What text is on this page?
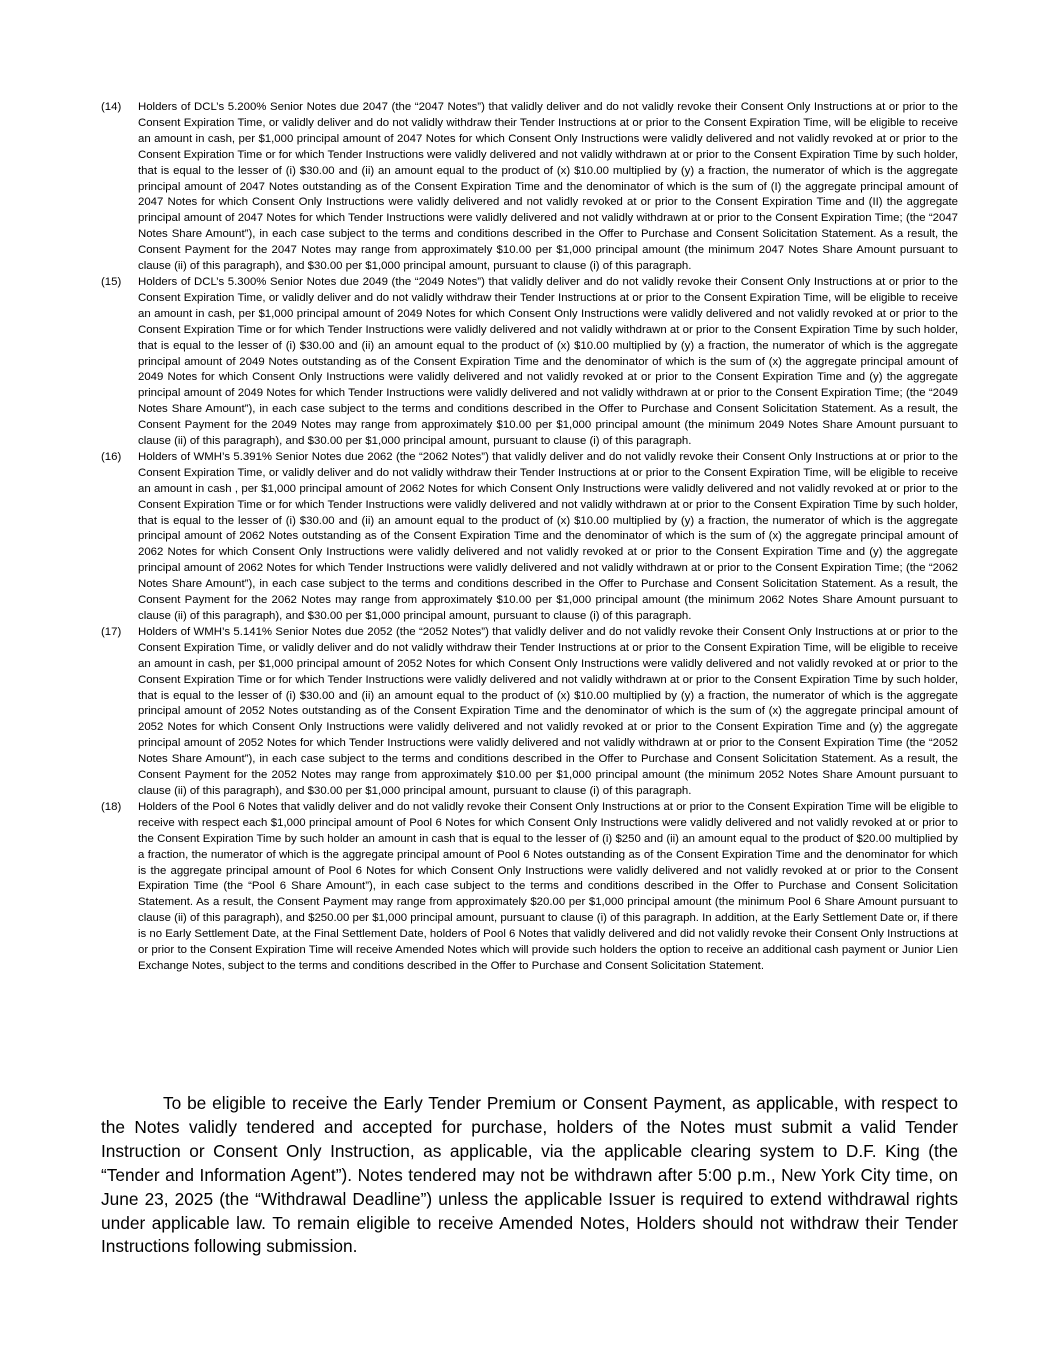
(14)	Holders of DCL’s 5.200% Senior Notes due 2047 (the “2047 Notes”) that validly deliver and do not validly revoke their Consent Only Instructions at or prior to the Consent Expiration Time, or validly deliver and do not validly withdraw their Tender Instructions at or prior to the Consent Expiration Time, will be eligible to receive an amount in cash, per $1,000 principal amount of 2047 Notes for which Consent Only Instructions were validly delivered and not validly revoked at or prior to the Consent Expiration Time or for which Tender Instructions were validly delivered and not validly withdrawn at or prior to the Consent Expiration Time by such holder, that is equal to the lesser of (i) $30.00 and (ii) an amount equal to the product of (x) $10.00 multiplied by (y) a fraction, the numerator of which is the aggregate principal amount of 2047 Notes outstanding as of the Consent Expiration Time and the denominator of which is the sum of (I) the aggregate principal amount of 2047 Notes for which Consent Only Instructions were validly delivered and not validly revoked at or prior to the Consent Expiration Time and (II) the aggregate principal amount of 2047 Notes for which Tender Instructions were validly delivered and not validly withdrawn at or prior to the Consent Expiration Time; (the “2047 Notes Share Amount”), in each case subject to the terms and conditions described in the Offer to Purchase and Consent Solicitation Statement. As a result, the Consent Payment for the 2047 Notes may range from approximately $10.00 per $1,000 principal amount (the minimum 2047 Notes Share Amount pursuant to clause (ii) of this paragraph), and $30.00 per $1,000 principal amount, pursuant to clause (i) of this paragraph.
(15)	Holders of DCL’s 5.300% Senior Notes due 2049 (the “2049 Notes”) that validly deliver and do not validly revoke their Consent Only Instructions at or prior to the Consent Expiration Time, or validly deliver and do not validly withdraw their Tender Instructions at or prior to the Consent Expiration Time, will be eligible to receive an amount in cash, per $1,000 principal amount of 2049 Notes for which Consent Only Instructions were validly delivered and not validly revoked at or prior to the Consent Expiration Time or for which Tender Instructions were validly delivered and not validly withdrawn at or prior to the Consent Expiration Time by such holder, that is equal to the lesser of (i) $30.00 and (ii) an amount equal to the product of (x) $10.00 multiplied by (y) a fraction, the numerator of which is the aggregate principal amount of 2049 Notes outstanding as of the Consent Expiration Time and the denominator of which is the sum of (x) the aggregate principal amount of 2049 Notes for which Consent Only Instructions were validly delivered and not validly revoked at or prior to the Consent Expiration Time and (y) the aggregate principal amount of 2049 Notes for which Tender Instructions were validly delivered and not validly withdrawn at or prior to the Consent Expiration Time; (the “2049 Notes Share Amount”), in each case subject to the terms and conditions described in the Offer to Purchase and Consent Solicitation Statement. As a result, the Consent Payment for the 2049 Notes may range from approximately $10.00 per $1,000 principal amount (the minimum 2049 Notes Share Amount pursuant to clause (ii) of this paragraph), and $30.00 per $1,000 principal amount, pursuant to clause (i) of this paragraph.
(16)	Holders of WMH’s 5.391% Senior Notes due 2062 (the “2062 Notes”) that validly deliver and do not validly revoke their Consent Only Instructions at or prior to the Consent Expiration Time, or validly deliver and do not validly withdraw their Tender Instructions at or prior to the Consent Expiration Time, will be eligible to receive an amount in cash , per $1,000 principal amount of 2062 Notes for which Consent Only Instructions were validly delivered and not validly revoked at or prior to the Consent Expiration Time or for which Tender Instructions were validly delivered and not validly withdrawn at or prior to the Consent Expiration Time by such holder, that is equal to the lesser of (i) $30.00 and (ii) an amount equal to the product of (x) $10.00 multiplied by (y) a fraction, the numerator of which is the aggregate principal amount of 2062 Notes outstanding as of the Consent Expiration Time and the denominator of which is the sum of (x) the aggregate principal amount of 2062 Notes for which Consent Only Instructions were validly delivered and not validly revoked at or prior to the Consent Expiration Time and (y) the aggregate principal amount of 2062 Notes for which Tender Instructions were validly delivered and not validly withdrawn at or prior to the Consent Expiration Time; (the “2062 Notes Share Amount”), in each case subject to the terms and conditions described in the Offer to Purchase and Consent Solicitation Statement. As a result, the Consent Payment for the 2062 Notes may range from approximately $10.00 per $1,000 principal amount (the minimum 2062 Notes Share Amount pursuant to clause (ii) of this paragraph), and $30.00 per $1,000 principal amount, pursuant to clause (i) of this paragraph.
(17)	Holders of WMH’s 5.141% Senior Notes due 2052 (the “2052 Notes”) that validly deliver and do not validly revoke their Consent Only Instructions at or prior to the Consent Expiration Time, or validly deliver and do not validly withdraw their Tender Instructions at or prior to the Consent Expiration Time, will be eligible to receive an amount in cash, per $1,000 principal amount of 2052 Notes for which Consent Only Instructions were validly delivered and not validly revoked at or prior to the Consent Expiration Time or for which Tender Instructions were validly delivered and not validly withdrawn at or prior to the Consent Expiration Time by such holder, that is equal to the lesser of (i) $30.00 and (ii) an amount equal to the product of (x) $10.00 multiplied by (y) a fraction, the numerator of which is the aggregate principal amount of 2052 Notes outstanding as of the Consent Expiration Time and the denominator of which is the sum of (x) the aggregate principal amount of 2052 Notes for which Consent Only Instructions were validly delivered and not validly revoked at or prior to the Consent Expiration Time and (y) the aggregate principal amount of 2052 Notes for which Tender Instructions were validly delivered and not validly withdrawn at or prior to the Consent Expiration Time (the “2052 Notes Share Amount”), in each case subject to the terms and conditions described in the Offer to Purchase and Consent Solicitation Statement. As a result, the Consent Payment for the 2052 Notes may range from approximately $10.00 per $1,000 principal amount (the minimum 2052 Notes Share Amount pursuant to clause (ii) of this paragraph), and $30.00 per $1,000 principal amount, pursuant to clause (i) of this paragraph.
(18)	Holders of the Pool 6 Notes that validly deliver and do not validly revoke their Consent Only Instructions at or prior to the Consent Expiration Time will be eligible to receive with respect each $1,000 principal amount of Pool 6 Notes for which Consent Only Instructions were validly delivered and not validly revoked at or prior to the Consent Expiration Time by such holder an amount in cash that is equal to the lesser of (i) $250 and (ii) an amount equal to the product of $20.00 multiplied by a fraction, the numerator of which is the aggregate principal amount of Pool 6 Notes outstanding as of the Consent Expiration Time and the denominator for which is the aggregate principal amount of Pool 6 Notes for which Consent Only Instructions were validly delivered and not validly revoked at or prior to the Consent Expiration Time (the “Pool 6 Share Amount”), in each case subject to the terms and conditions described in the Offer to Purchase and Consent Solicitation Statement. As a result, the Consent Payment may range from approximately $20.00 per $1,000 principal amount (the minimum Pool 6 Share Amount pursuant to clause (ii) of this paragraph), and $250.00 per $1,000 principal amount, pursuant to clause (i) of this paragraph. In addition, at the Early Settlement Date or, if there is no Early Settlement Date, at the Final Settlement Date, holders of Pool 6 Notes that validly delivered and did not validly revoke their Consent Only Instructions at or prior to the Consent Expiration Time will receive Amended Notes which will provide such holders the option to receive an additional cash payment or Junior Lien Exchange Notes, subject to the terms and conditions described in the Offer to Purchase and Consent Solicitation Statement.

To be eligible to receive the Early Tender Premium or Consent Payment, as applicable, with respect to the Notes validly tendered and accepted for purchase, holders of the Notes must submit a valid Tender Instruction or Consent Only Instruction, as applicable, via the applicable clearing system to D.F. King (the “Tender and Information Agent”). Notes tendered may not be withdrawn after 5:00 p.m., New York City time, on June 23, 2025 (the “Withdrawal Deadline”) unless the applicable Issuer is required to extend withdrawal rights under applicable law. To remain eligible to receive Amended Notes, Holders should not withdraw their Tender Instructions following submission.
